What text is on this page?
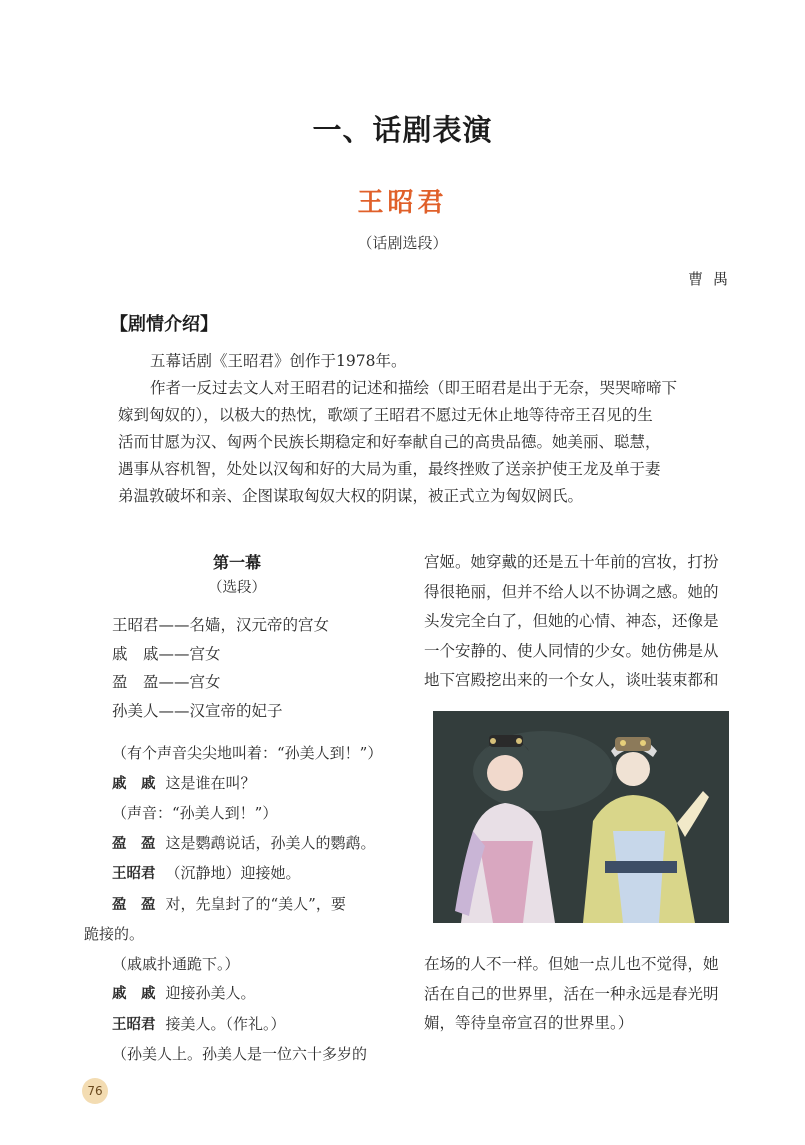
一、话剧表演
王昭君
（话剧选段）
曹禺
【剧情介绍】

五幕话剧《王昭君》创作于1978年。

作者一反过去文人对王昭君的记述和描绘（即王昭君是出于无奈，哭哭啼啼下

嫁到匈奴的），以极大的热忱，歌颂了王昭君不愿过无休止地等待帝王召见的生

活而甘愿为汉、匈两个民族长期稳定和好奉献自己的高贵品德。她美丽、聪慧，

遇事从容机智，处处以汉匈和好的大局为重，最终挫败了送亲护使王龙及单于妻

弟温敦破坏和亲、企图谋取匈奴大权的阴谋，被正式立为匈奴阏氏。

第一幕
（选段）
王昭君——名嫱，汉元帝的宫女
戚　戚——宫女
盈　盈——宫女
孙美人——汉宣帝的妃子
（有个声音尖尖地叫着：“孙美人到！”）
戚　戚 这是谁在叫？
（声音：“孙美人到！”）
盈　盈 这是鹦鹉说话，孙美人的鹦鹉。
王昭君 （沉静地）迎接她。
盈　盈 对，先皇封了的“美人”，要
跪接的。
（戚戚扑通跪下。）
戚　戚 迎接孙美人。
王昭君 接美人。（作礼。）
（孙美人上。孙美人是一位六十多岁的
宫姬。她穿戴的还是五十年前的宫妆，打扮
得很艳丽，但并不给人以不协调之感。她的
头发完全白了，但她的心情、神态，还像是
一个安静的、使人同情的少女。她仿佛是从
地下宫殿挖出来的一个女人，谈吐装束都和
在场的人不一样。但她一点儿也不觉得，她
活在自己的世界里，活在一种永远是春光明
媚，等待皇帝宣召的世界里。）
76
